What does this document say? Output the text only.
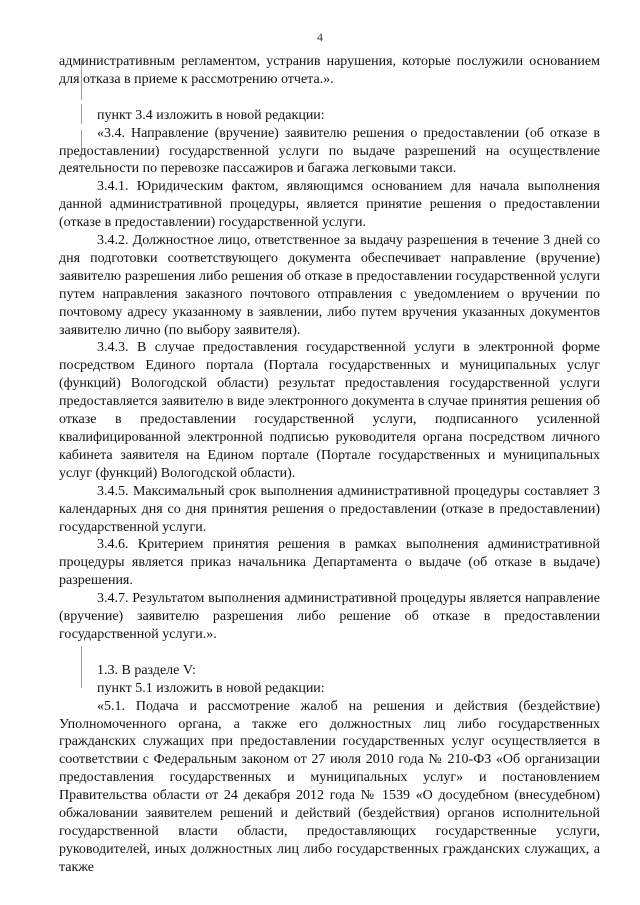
4

административным регламентом, устранив нарушения, которые послужили основанием для отказа в приеме к рассмотрению отчета.».

пункт 3.4 изложить в новой редакции:

«3.4. Направление (вручение) заявителю решения о предоставлении (об отказе в предоставлении) государственной услуги по выдаче разрешений на осуществление деятельности по перевозке пассажиров и багажа легковыми такси.

3.4.1. Юридическим фактом, являющимся основанием для начала выполнения данной административной процедуры, является принятие решения о предоставлении (отказе в предоставлении) государственной услуги.

3.4.2. Должностное лицо, ответственное за выдачу разрешения в течение 3 дней со дня подготовки соответствующего документа обеспечивает направление (вручение) заявителю разрешения либо решения об отказе в предоставлении государственной услуги путем направления заказного почтового отправления с уведомлением о вручении по почтовому адресу указанному в заявлении, либо путем вручения указанных документов заявителю лично (по выбору заявителя).

3.4.3. В случае предоставления государственной услуги в электронной форме посредством Единого портала (Портала государственных и муниципальных услуг (функций) Вологодской области) результат предоставления государственной услуги предоставляется заявителю в виде электронного документа в случае принятия решения об отказе в предоставлении государственной услуги, подписанного усиленной квалифицированной электронной подписью руководителя органа посредством личного кабинета заявителя на Едином портале (Портале государственных и муниципальных услуг (функций) Вологодской области).

3.4.5. Максимальный срок выполнения административной процедуры составляет 3 календарных дня со дня принятия решения о предоставлении (отказе в предоставлении) государственной услуги.

3.4.6. Критерием принятия решения в рамках выполнения административной процедуры является приказ начальника Департамента о выдаче (об отказе в выдаче) разрешения.

3.4.7. Результатом выполнения административной процедуры является направление (вручение) заявителю разрешения либо решение об отказе в предоставлении государственной услуги.».

1.3. В разделе V:

пункт 5.1 изложить в новой редакции:

«5.1. Подача и рассмотрение жалоб на решения и действия (бездействие) Уполномоченного органа, а также его должностных лиц либо государственных гражданских служащих при предоставлении государственных услуг осуществляется в соответствии с Федеральным законом от 27 июля 2010 года № 210-ФЗ «Об организации предоставления государственных и муниципальных услуг» и постановлением Правительства области от 24 декабря 2012 года № 1539 «О досудебном (внесудебном) обжаловании заявителем решений и действий (бездействия) органов исполнительной государственной власти области, предоставляющих государственные услуги, руководителей, иных должностных лиц либо государственных гражданских служащих, а также
